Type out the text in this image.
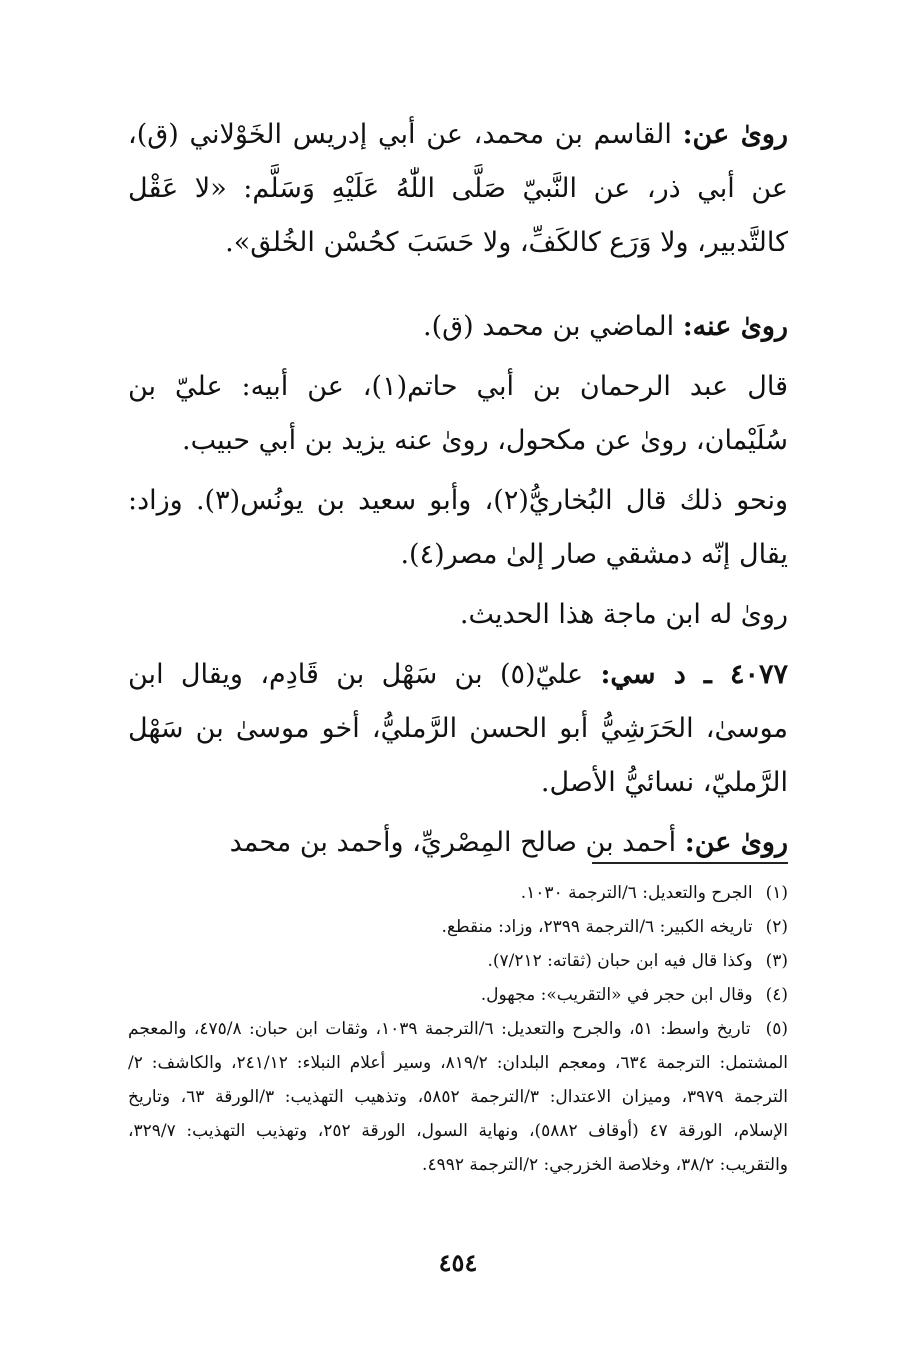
رویٰ عن: القاسم بن محمد، عن أبي إدريس الخَوْلاني (ق)، عن أبي ذر، عن النَّبيّ صَلَّى اللّٰهُ عَلَيْهِ وَسَلَّم: «لا عَقْل كالتَّدبير، ولا وَرَع كالكَفِّ، ولا حَسَبَ كحُسْن الخُلق».

رویٰ عنه: الماضي بن محمد (ق).

قال عبد الرحمان بن أبي حاتم(١)، عن أبيه: عليّ بن سُلَيْمان، رویٰ عن مكحول، رویٰ عنه يزيد بن أبي حبيب.

ونحو ذلك قال البُخاريُّ(٢)، وأبو سعيد بن يونُس(٣). وزاد: يقال إنّه دمشقي صار إلىٰ مصر(٤).

رویٰ له ابن ماجة هذا الحديث.

٤٠٧٧ ـ د سي: عليّ(٥) بن سَهْل بن قَادِم، ويقال ابن موسىٰ، الحَرَشِيُّ أبو الحسن الرَّمليُّ، أخو موسىٰ بن سَهْل الرَّمليّ، نسائيُّ الأصل.

رویٰ عن: أحمد بن صالح المِصْريِّ، وأحمد بن محمد

(١) الجرح والتعديل: ٦/الترجمة ١٠٣٠.

(٢) تاريخه الكبير: ٦/الترجمة ٢٣٩٩، وزاد: منقطع.

(٣) وكذا قال فيه ابن حبان (ثقاته: ٧/٢١٢).

(٤) وقال ابن حجر في «التقريب»: مجهول.

(٥) تاريخ واسط: ٥١، والجرح والتعديل: ٦/الترجمة ١٠٣٩، وثقات ابن حبان: ٤٧٥/٨، والمعجم المشتمل: الترجمة ٦٣٤، ومعجم البلدان: ٨١٩/٢، وسير أعلام النبلاء: ٢٤١/١٢، والكاشف: ٢/الترجمة ٣٩٧٩، وميزان الاعتدال: ٣/الترجمة ٥٨٥٢، وتذهيب التهذيب: ٣/الورقة ٦٣، وتاريخ الإسلام، الورقة ٤٧ (أوقاف ٥٨٨٢)، ونهاية السول، الورقة ٢٥٢، وتهذيب التهذيب: ٣٢٩/٧، والتقريب: ٣٨/٢، وخلاصة الخزرجي: ٢/الترجمة ٤٩٩٢.

٤٥٤
